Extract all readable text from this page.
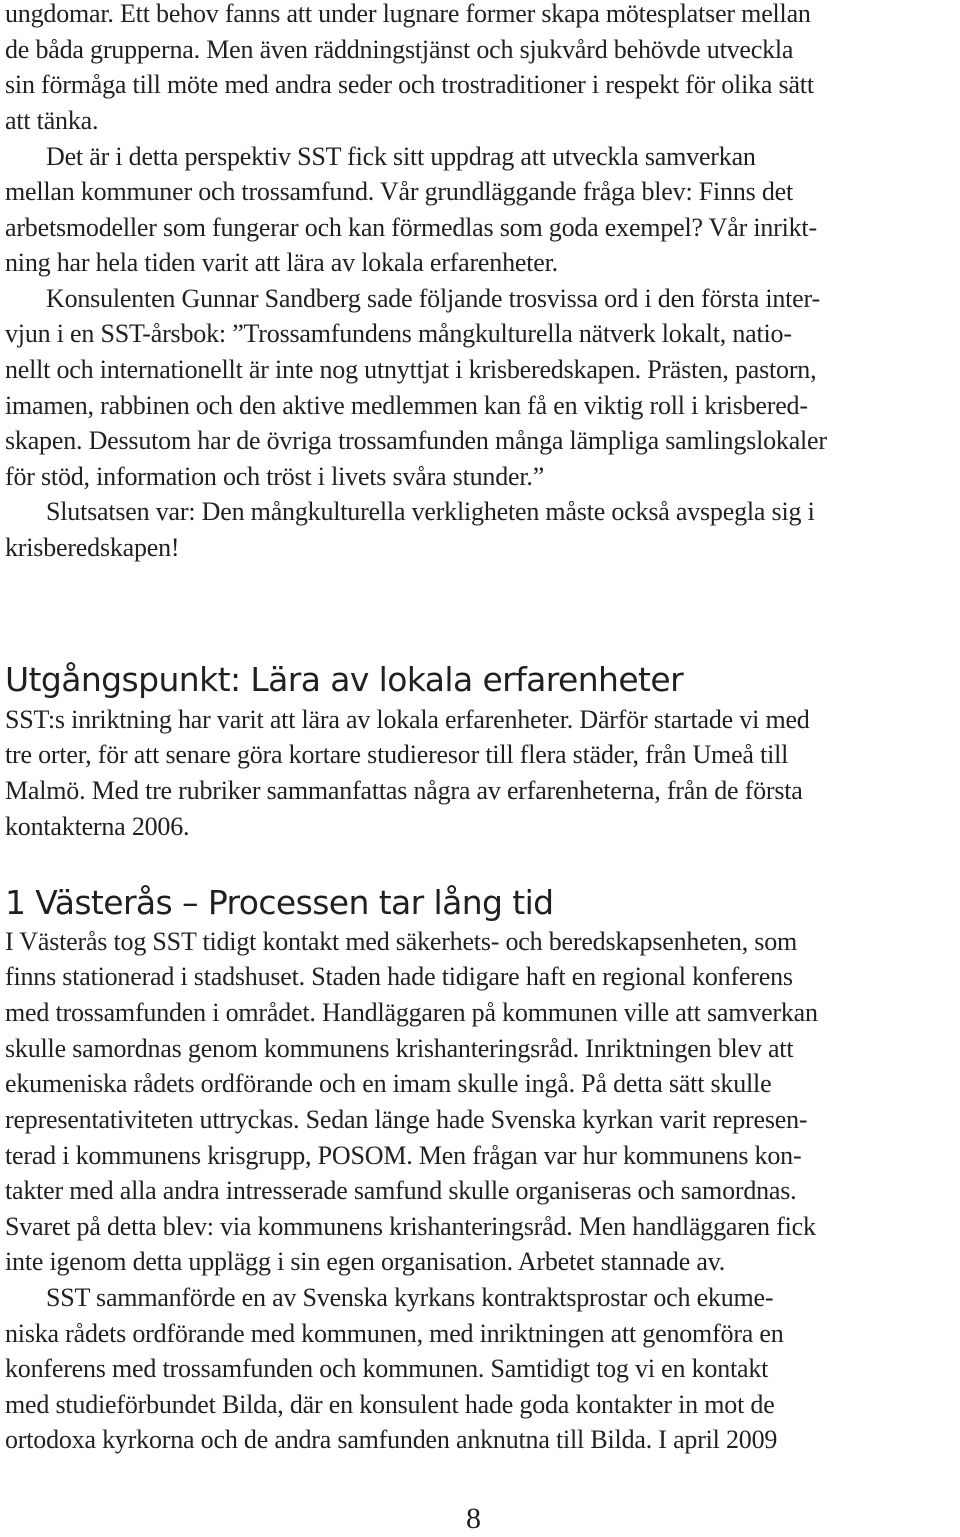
ungdomar. Ett behov fanns att under lugnare former skapa mötesplatser mellan
de båda grupperna. Men även räddningstjänst och sjukvård behövde utveckla
sin förmåga till möte med andra seder och trostraditioner i respekt för olika sätt
att tänka.
Det är i detta perspektiv SST fick sitt uppdrag att utveckla samverkan
mellan kommuner och trossamfund. Vår grundläggande fråga blev: Finns det
arbetsmodeller som fungerar och kan förmedlas som goda exempel? Vår inrikt-
ning har hela tiden varit att lära av lokala erfarenheter.
Konsulenten Gunnar Sandberg sade följande trosvissa ord i den första inter-
vjun i en SST-årsbok: ”Trossamfundens mångkulturella nätverk lokalt, natio-
nellt och internationellt är inte nog utnyttjat i krisberedskapen. Prästen, pastorn,
imamen, rabbinen och den aktive medlemmen kan få en viktig roll i krisbered-
skapen. Dessutom har de övriga trossamfunden många lämpliga samlingslokaler
för stöd, information och tröst i livets svåra stunder.”
Slutsatsen var: Den mångkulturella verkligheten måste också avspegla sig i
krisberedskapen!
Utgångspunkt: Lära av lokala erfarenheter
SST:s inriktning har varit att lära av lokala erfarenheter. Därför startade vi med
tre orter, för att senare göra kortare studieresor till flera städer, från Umeå till
Malmö. Med tre rubriker sammanfattas några av erfarenheterna, från de första
kontakterna 2006.
1 Västerås – Processen tar lång tid
I Västerås tog SST tidigt kontakt med säkerhets- och beredskapsenheten, som
finns stationerad i stadshuset. Staden hade tidigare haft en regional konferens
med trossamfunden i området. Handläggaren på kommunen ville att samverkan
skulle samordnas genom kommunens krishanteringsråd. Inriktningen blev att
ekumeniska rådets ordförande och en imam skulle ingå. På detta sätt skulle
representativiteten uttryckas. Sedan länge hade Svenska kyrkan varit represen-
terad i kommunens krisgrupp, POSOM. Men frågan var hur kommunens kon-
takter med alla andra intresserade samfund skulle organiseras och samordnas.
Svaret på detta blev: via kommunens krishanteringsråd. Men handläggaren fick
inte igenom detta upplägg i sin egen organisation. Arbetet stannade av.
SST sammanförde en av Svenska kyrkans kontraktsprostar och ekume-
niska rådets ordförande med kommunen, med inriktningen att genomföra en
konferens med trossamfunden och kommunen. Samtidigt tog vi en kontakt
med studieförbundet Bilda, där en konsulent hade goda kontakter in mot de
ortodoxa kyrkorna och de andra samfunden anknutna till Bilda. I april 2009
8
